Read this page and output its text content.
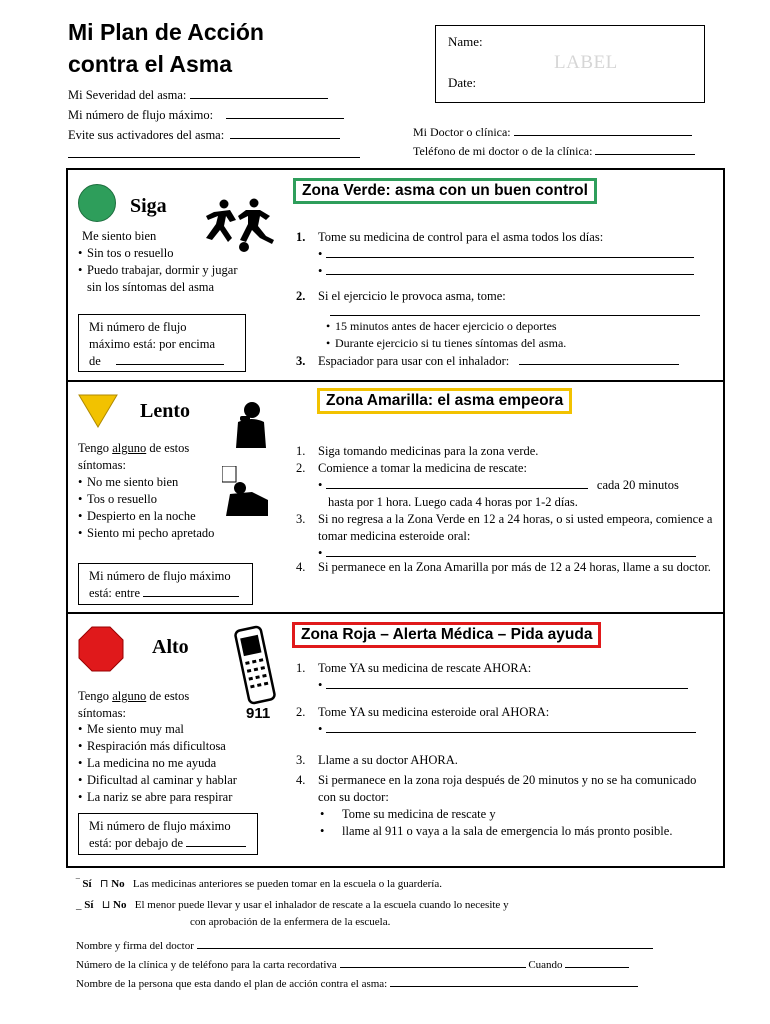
Mi Plan de Acción
contra el Asma
Mi Severidad del asma:
Mi número de flujo máximo:
Evite sus activadores del asma:
Name:
LABEL
Date:
Mi Doctor o clínica:
Teléfono de mi doctor o de la clínica:
Siga
Me siento bien
• Sin tos o resuello
• Puedo trabajar, dormir y jugar sin los síntomas del asma
Mi número de flujo
máximo está: por encima
de
Zona Verde: asma con un buen control
1. Tome su medicina de control para el asma todos los días:
•
•
2. Si el ejercicio le provoca asma, tome:
• 15 minutos antes de hacer ejercicio o deportes
• Durante ejercicio si tu tienes síntomas del asma.
3. Espaciador para usar con el inhalador:
Lento
Tengo alguno de estos síntomas:
• No me siento bien
• Tos o resuello
• Despierto en la noche
• Siento mi pecho apretado
Mi número de flujo máximo
está: entre
Zona Amarilla: el asma empeora
1. Siga tomando medicinas para la zona verde.
2. Comience a tomar la medicina de rescate:
•	cada 20 minutos
hasta por 1 hora. Luego cada 4 horas por 1-2 días.
3. Si no regresa a la Zona Verde en 12 a 24 horas, o si usted empeora, comience a tomar medicina esteroide oral:
•
4. Si permanece en la Zona Amarilla por más de 12 a 24 horas, llame a su doctor.
Alto
911
Tengo alguno de estos síntomas:
• Me siento muy mal
• Respiración más dificultosa
• La medicina no me ayuda
• Dificultad al caminar y hablar
• La nariz se abre para respirar
Mi número de flujo máximo
está: por debajo de
Zona Roja – Alerta Médica – Pida ayuda
1. Tome YA su medicina de rescate AHORA:
•
2. Tome YA su medicina esteroide oral AHORA:
•
3. Llame a su doctor AHORA.
4. Si permanece en la zona roja después de 20 minutos y no se ha comunicado con su doctor:
• Tome su medicina de rescate y
• llame al 911 o vaya a la sala de emergencia lo más pronto posible.
‾ Sí ⊓ No Las medicinas anteriores se pueden tomar en la escuela o la guardería.
_ Sí ⊔ No El menor puede llevar y usar el inhalador de rescate a la escuela cuando lo necesite y
con aprobación de la enfermera de la escuela.
Nombre y firma del doctor
Número de la clínica y de teléfono para la carta recordativa	Cuando
Nombre de la persona que esta dando el plan de acción contra el asma:
